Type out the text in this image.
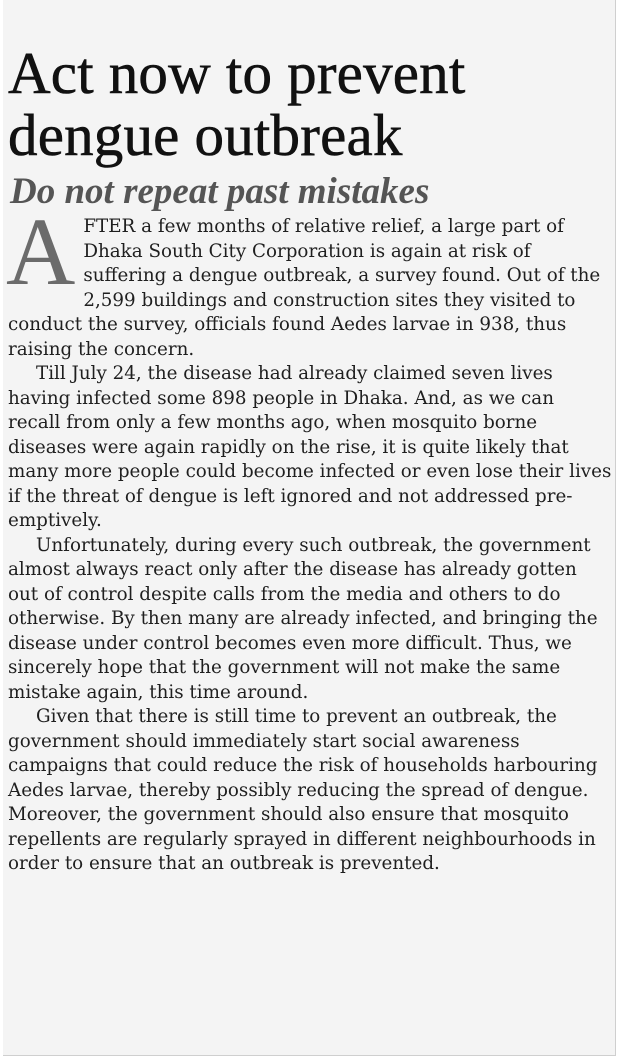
Act now to prevent dengue outbreak
Do not repeat past mistakes

AFTER a few months of relative relief, a large part of Dhaka South City Corporation is again at risk of suffering a dengue outbreak, a survey found. Out of the 2,599 buildings and construction sites they visited to conduct the survey, officials found Aedes larvae in 938, thus raising the concern.

Till July 24, the disease had already claimed seven lives having infected some 898 people in Dhaka. And, as we can recall from only a few months ago, when mosquito borne diseases were again rapidly on the rise, it is quite likely that many more people could become infected or even lose their lives if the threat of dengue is left ignored and not addressed pre-emptively.

Unfortunately, during every such outbreak, the government almost always react only after the disease has already gotten out of control despite calls from the media and others to do otherwise. By then many are already infected, and bringing the disease under control becomes even more difficult. Thus, we sincerely hope that the government will not make the same mistake again, this time around.

Given that there is still time to prevent an outbreak, the government should immediately start social awareness campaigns that could reduce the risk of households harbouring Aedes larvae, thereby possibly reducing the spread of dengue. Moreover, the government should also ensure that mosquito repellents are regularly sprayed in different neighbourhoods in order to ensure that an outbreak is prevented.
